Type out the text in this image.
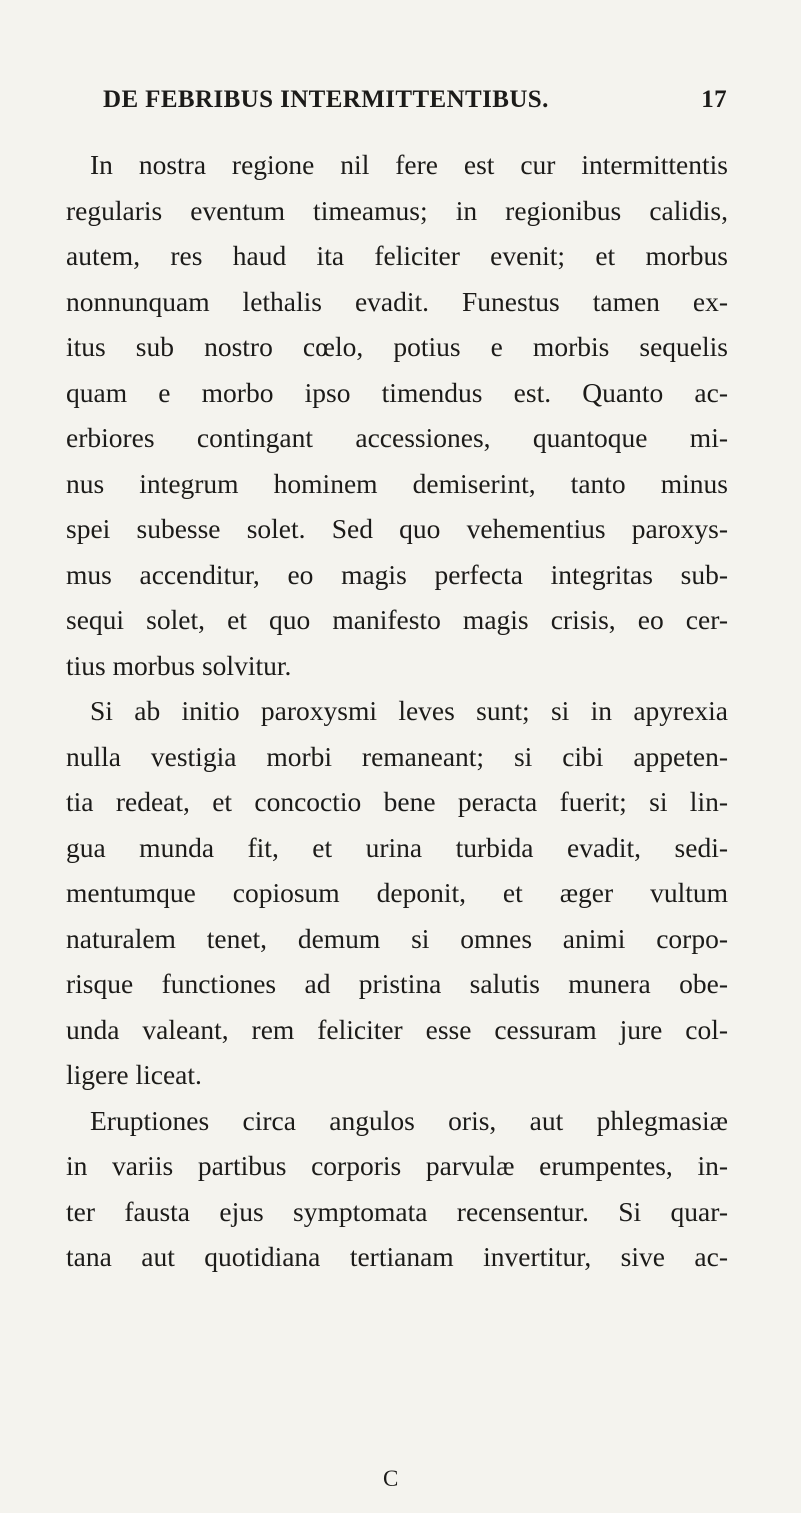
DE FEBRIBUS INTERMITTENTIBUS.	17
In nostra regione nil fere est cur intermittentis
regularis eventum timeamus; in regionibus calidis,
autem, res haud ita feliciter evenit; et morbus
nonnunquam lethalis evadit. Funestus tamen ex-
itus sub nostro cœlo, potius e morbis sequelis
quam e morbo ipso timendus est. Quanto ac-
erbiores contingant accessiones, quantoque mi-
nus integrum hominem demiserint, tanto minus
spei subesse solet. Sed quo vehementius paroxys-
mus accenditur, eo magis perfecta integritas sub-
sequi solet, et quo manifesto magis crisis, eo cer-
tius morbus solvitur.
Si ab initio paroxysmi leves sunt; si in apyrexia
nulla vestigia morbi remaneant; si cibi appeten-
tia redeat, et concoctio bene peracta fuerit; si lin-
gua munda fit, et urina turbida evadit, sedi-
mentumque copiosum deponit, et æger vultum
naturalem tenet, demum si omnes animi corpo-
risque functiones ad pristina salutis munera obe-
unda valeant, rem feliciter esse cessuram jure col-
ligere liceat.
Eruptiones circa angulos oris, aut phlegmasiæ
in variis partibus corporis parvulæ erumpentes, in-
ter fausta ejus symptomata recensentur. Si quar-
tana aut quotidiana tertianam invertitur, sive ac-
C
